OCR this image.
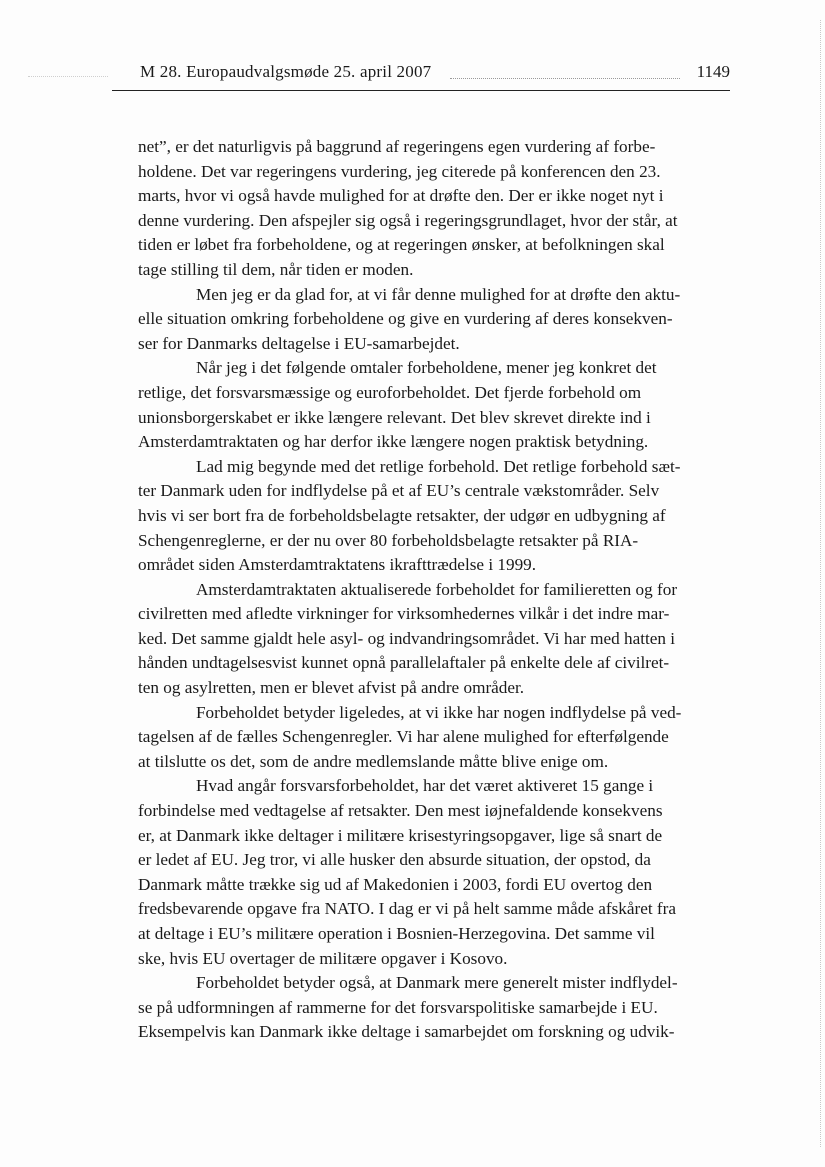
M 28. Europaudvalgsmøde 25. april 2007	1149
net”, er det naturligvis på baggrund af regeringens egen vurdering af forbe-
holdene. Det var regeringens vurdering, jeg citerede på konferencen den 23.
marts, hvor vi også havde mulighed for at drøfte den. Der er ikke noget nyt i
denne vurdering. Den afspejler sig også i regeringsgrundlaget, hvor der står, at
tiden er løbet fra forbeholdene, og at regeringen ønsker, at befolkningen skal
tage stilling til dem, når tiden er moden.
Men jeg er da glad for, at vi får denne mulighed for at drøfte den aktu-
elle situation omkring forbeholdene og give en vurdering af deres konsekven-
ser for Danmarks deltagelse i EU-samarbejdet.
Når jeg i det følgende omtaler forbeholdene, mener jeg konkret det
retlige, det forsvarsmæssige og euroforbeholdet. Det fjerde forbehold om
unionsborgerskabet er ikke længere relevant. Det blev skrevet direkte ind i
Amsterdamtraktaten og har derfor ikke længere nogen praktisk betydning.
Lad mig begynde med det retlige forbehold. Det retlige forbehold sæt-
ter Danmark uden for indflydelse på et af EU’s centrale vækstområder. Selv
hvis vi ser bort fra de forbeholdsbelagte retsakter, der udgør en udbygning af
Schengenreglerne, er der nu over 80 forbeholdsbelagte retsakter på RIA-
området siden Amsterdamtraktatens ikrafttrædelse i 1999.
Amsterdamtraktaten aktualiserede forbeholdet for familieretten og for
civilretten med afledte virkninger for virksomhedernes vilkår i det indre mar-
ked. Det samme gjaldt hele asyl- og indvandringsområdet. Vi har med hatten i
hånden undtagelsesvist kunnet opnå parallelaftaler på enkelte dele af civilret-
ten og asylretten, men er blevet afvist på andre områder.
Forbeholdet betyder ligeledes, at vi ikke har nogen indflydelse på ved-
tagelsen af de fælles Schengenregler. Vi har alene mulighed for efterfølgende
at tilslutte os det, som de andre medlemslande måtte blive enige om.
Hvad angår forsvarsforbeholdet, har det været aktiveret 15 gange i
forbindelse med vedtagelse af retsakter. Den mest iøjnefaldende konsekvens
er, at Danmark ikke deltager i militære krisestyringsopgaver, lige så snart de
er ledet af EU. Jeg tror, vi alle husker den absurde situation, der opstod, da
Danmark måtte trække sig ud af Makedonien i 2003, fordi EU overtog den
fredsbevarende opgave fra NATO. I dag er vi på helt samme måde afskåret fra
at deltage i EU’s militære operation i Bosnien-Herzegovina. Det samme vil
ske, hvis EU overtager de militære opgaver i Kosovo.
Forbeholdet betyder også, at Danmark mere generelt mister indflydel-
se på udformningen af rammerne for det forsvarspolitiske samarbejde i EU.
Eksempelvis kan Danmark ikke deltage i samarbejdet om forskning og udvik-
